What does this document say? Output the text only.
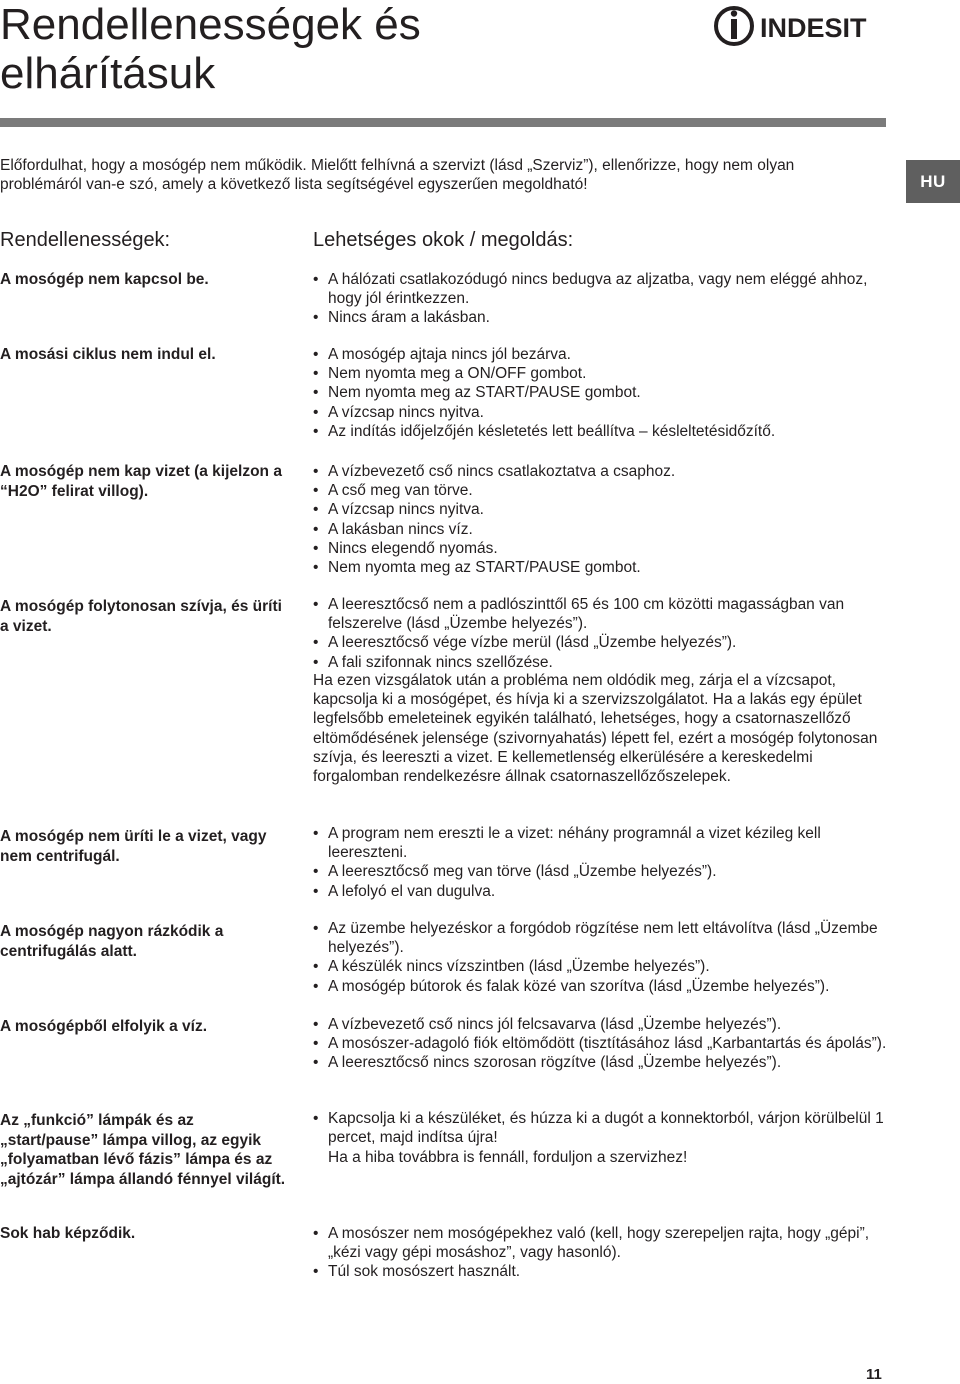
Rendellenességek és elhárításuk
INDESIT
HU

Előfordulhat, hogy a mosógép nem működik. Mielőtt felhívná a szervizt (lásd „Szerviz”), ellenőrizze, hogy nem olyan problémáról van-e szó, amely a következő lista segítségével egyszerűen megoldható!

Rendellenességek:	Lehetséges okok / megoldás:
A mosógép nem kapcsol be.	• A hálózati csatlakozódugó nincs bedugva az aljzatba, vagy nem eléggé ahhoz, hogy jól érintkezzen.
• Nincs áram a lakásban.
A mosási ciklus nem indul el.	• A mosógép ajtaja nincs jól bezárva.
• Nem nyomta meg a ON/OFF gombot.
• Nem nyomta meg az START/PAUSE gombot.
• A vízcsap nincs nyitva.
• Az indítás időjelzőjén késletetés lett beállítva – késleltetésidőzítő.
A mosógép nem kap vizet (a kijelzon a “H2O” felirat villog).
• A vízbevezető cső nincs csatlakoztatva a csaphoz.
• A cső meg van törve.
• A vízcsap nincs nyitva.
• A lakásban nincs víz.
• Nincs elegendő nyomás.
• Nem nyomta meg az START/PAUSE gombot.
A mosógép folytonosan szívja, és üríti a vizet.
• A leeresztőcső nem a padlószinttől 65 és 100 cm közötti magasságban van felszerelve (lásd „Üzembe helyezés”).
• A leeresztőcső vége vízbe merül (lásd „Üzembe helyezés”).
• A fali szifonnak nincs szellőzése.

Ha ezen vizsgálatok után a probléma nem oldódik meg, zárja el a vízcsapot, kapcsolja ki a mosógépet, és hívja ki a szervizszolgálatot. Ha a lakás egy épület legfelsőbb emeleteinek egyikén található, lehetséges, hogy a csatornaszellőző eltömődésének jelensége (szivornyahatás) lépett fel, ezért a mosógép folytonosan szívja, és leereszti a vizet. E kellemetlenség elkerülésére a kereskedelmi forgalomban rendelkezésre állnak csatornaszellőzőszelepek.

A mosógép nem üríti le a vizet, vagy nem centrifugál.
• A program nem ereszti le a vizet: néhány programnál a vizet kézileg kell leereszteni.
• A leeresztőcső meg van törve (lásd „Üzembe helyezés”).
• A lefolyó el van dugulva.
A mosógép nagyon rázkódik a centrifugálás alatt.
• Az üzembe helyezéskor a forgódob rögzítése nem lett eltávolítva (lásd „Üzembe helyezés”).
• A készülék nincs vízszintben (lásd „Üzembe helyezés”).
• A mosógép bútorok és falak közé van szorítva (lásd „Üzembe helyezés”).
A mosógépből elfolyik a víz.	• A vízbevezető cső nincs jól felcsavarva (lásd „Üzembe helyezés”).
• A mosószer-adagoló fiók eltömődött (tisztításához lásd „Karbantartás és ápolás”).
• A leeresztőcső nincs szorosan rögzítve (lásd „Üzembe helyezés”).
Az „funkció” lámpák és az „start/pause” lámpa villog, az egyik „folyamatban lévő fázis” lámpa és az „ajtózár” lámpa állandó fénnyel világít.
• Kapcsolja ki a készüléket, és húzza ki a dugót a konnektorból, várjon körülbelül 1 percet, majd indítsa újra!

Ha a hiba továbbra is fennáll, forduljon a szervizhez!

Sok hab képződik.	• A mosószer nem mosógépekhez való (kell, hogy szerepeljen rajta, hogy „gépi”, „kézi vagy gépi mosáshoz”, vagy hasonló).
• Túl sok mosószert használt.
11
